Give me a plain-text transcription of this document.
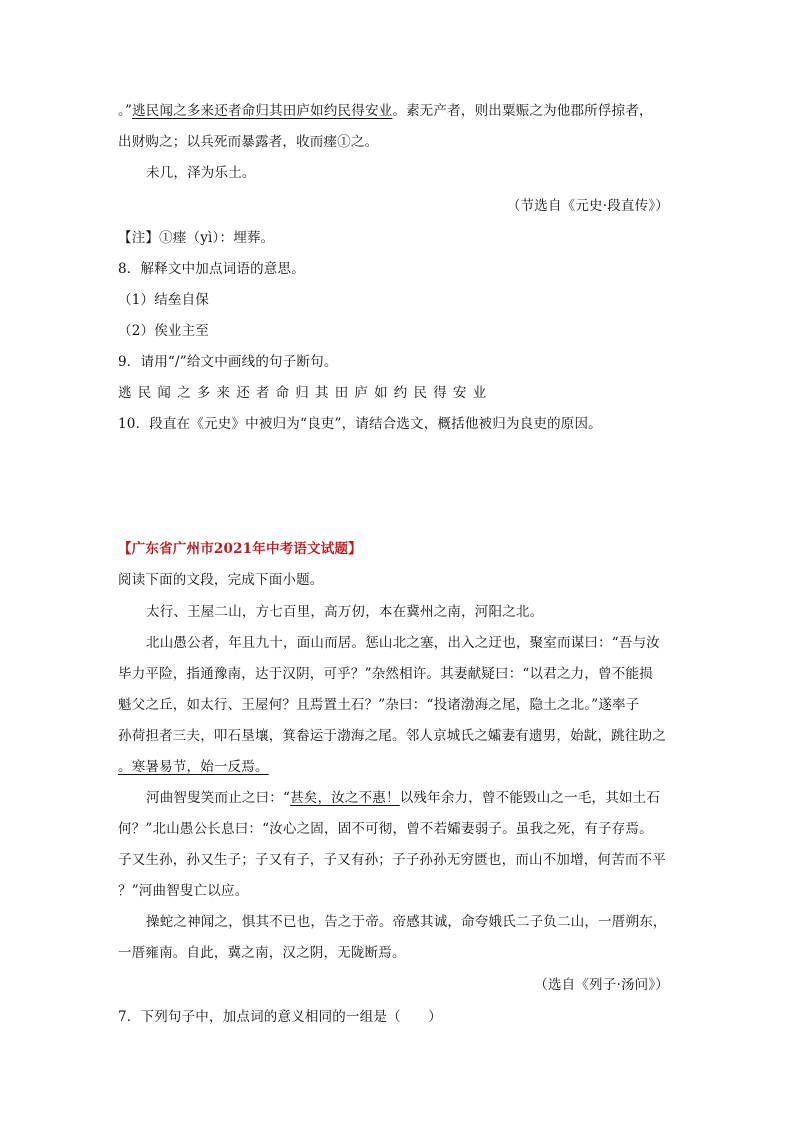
。”逃民闻之多来还者命归其田庐如约民得安业。素无产者，则出粟赈之为他郡所俘掠者，
出财购之；以兵死而暴露者，收而瘗①之。
未几，泽为乐土。
（节选自《元史·段直传》）
【注】①瘗（yì）：埋葬。
8．解释文中加点词语的意思。
（1）结垒自保
（2）俟业主至
9．请用“/”给文中画线的句子断句。
逃民闻之多来还者命归其田庐如约民得安业
10．段直在《元史》中被归为“良吏”，请结合选文，概括他被归为良吏的原因。
【广东省广州市2021年中考语文试题】
阅读下面的文段，完成下面小题。
太行、王屋二山，方七百里，高万仞，本在冀州之南，河阳之北。
北山愚公者，年且九十，面山而居。惩山北之塞，出入之迂也，聚室而谋曰：“吾与汝
毕力平险，指通豫南，达于汉阴，可乎？”杂然相许。其妻献疑曰：“以君之力，曾不能损
魁父之丘，如太行、王屋何？且焉置土石？”杂曰：“投诸渤海之尾，隐土之北。”遂率子
孙荷担者三夫，叩石垦壤，箕畚运于渤海之尾。邻人京城氏之孀妻有遗男，始龀，跳往助之
。寒暑易节，始一反焉。
河曲智叟笑而止之曰：“甚矣，汝之不惠！以残年余力，曾不能毁山之一毛，其如土石
何？”北山愚公长息曰：“汝心之固，固不可彻，曾不若孀妻弱子。虽我之死，有子存焉。
子又生孙，孙又生子；子又有子，子又有孙；子子孙孙无穷匮也，而山不加增，何苦而不平
？”河曲智叟亡以应。
操蛇之神闻之，惧其不已也，告之于帝。帝感其诚，命夸娥氏二子负二山，一厝朔东，
一厝雍南。自此，冀之南，汉之阴，无陇断焉。
（选自《列子·汤问》）
7．下列句子中，加点词的意义相同的一组是（　　）
